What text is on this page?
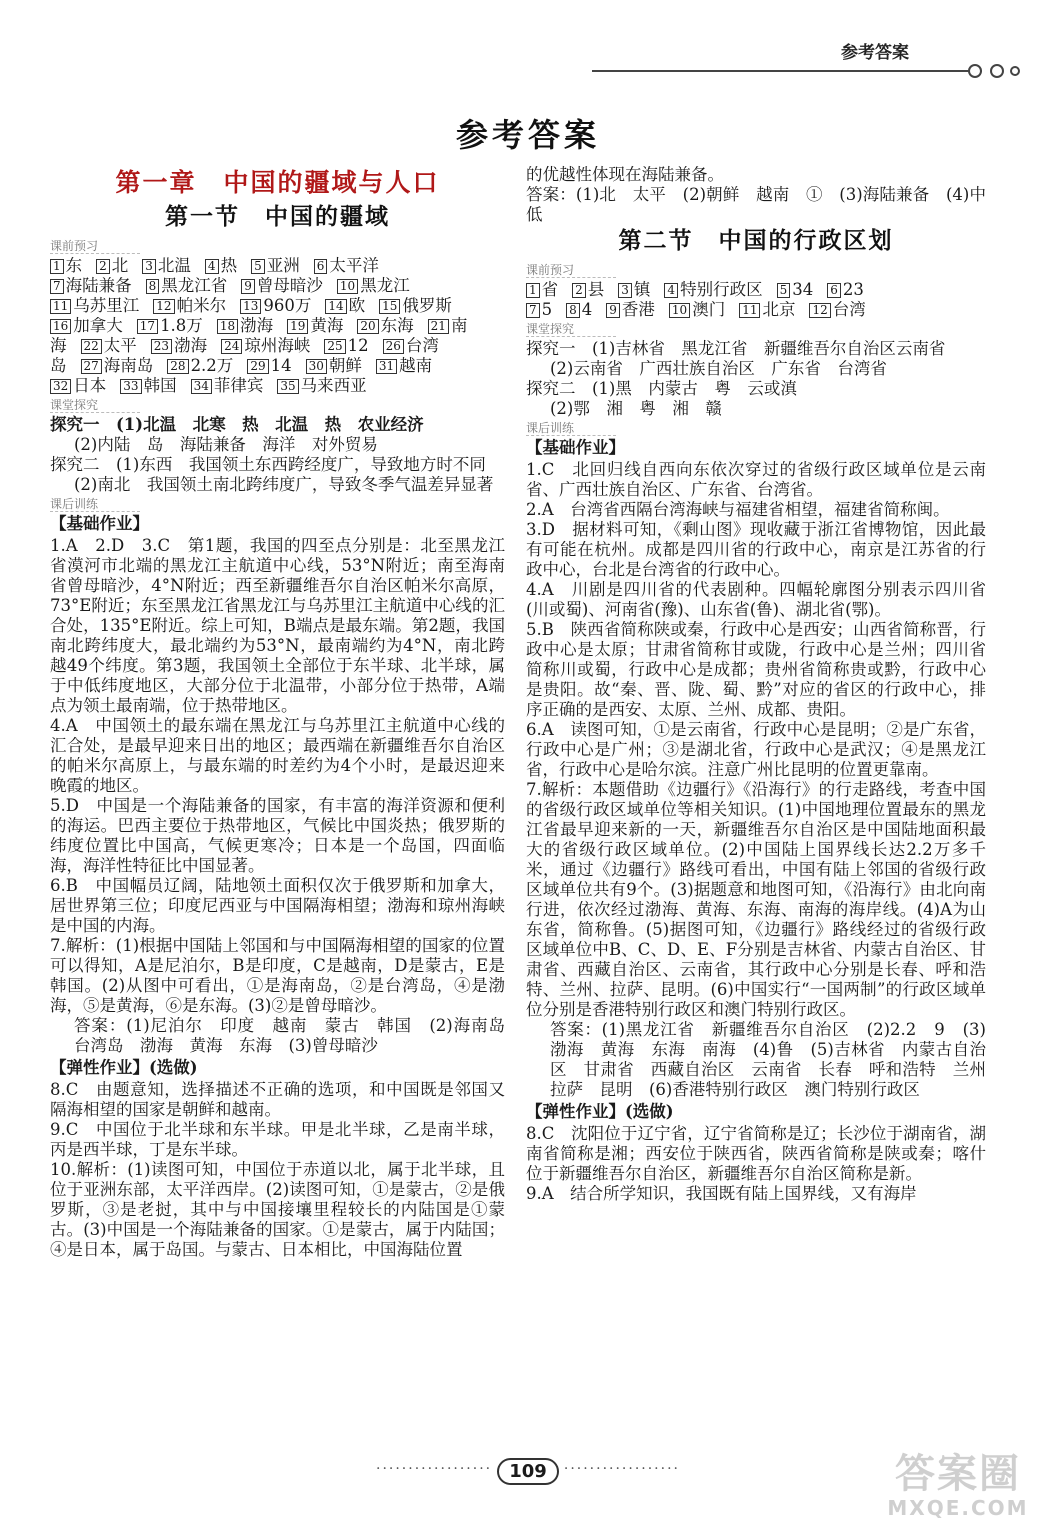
参考答案
参考答案
第一章　中国的疆域与人口
第一节　中国的疆域
课前预习
1 东 2 北 3 北温 4 热 5 亚洲 6 太平洋
7 海陆兼备 8 黑龙江省 9 曾母暗沙 10 黑龙江
11 乌苏里江 12 帕米尔 13 960万 14 欧 15 俄罗斯
16 加拿大 17 1.8万 18 渤海 19 黄海 20 东海 21 南
海 22 太平 23 渤海 24 琼州海峡 25 12 26 台湾
岛 27 海南岛 28 2.2万 29 14 30 朝鲜 31 越南
32 日本 33 韩国 34 菲律宾 35 马来西亚
课堂探究

探究一　(1)北温　北寒　热　北温　热　农业经济

(2)内陆　岛　海陆兼备　海洋　对外贸易

探究二　(1)东西　我国领土东西跨经度广，导致地方时不同

(2)南北　我国领土南北跨纬度广，导致冬季气温差异显著

课后训练
【基础作业】

1.A　2.D　3.C　第1题，我国的四至点分别是：北至黑龙江省漠河市北端的黑龙江主航道中心线，53°N附近；南至海南省曾母暗沙，4°N附近；西至新疆维吾尔自治区帕米尔高原，73°E附近；东至黑龙江省黑龙江与乌苏里江主航道中心线的汇合处，135°E附近。综上可知，B端点是最东端。第2题，我国南北跨纬度大，最北端约为53°N，最南端约为4°N，南北跨越49个纬度。第3题，我国领土全部位于东半球、北半球，属于中低纬度地区，大部分位于北温带，小部分位于热带，A端点为领土最南端，位于热带地区。

4.A　中国领土的最东端在黑龙江与乌苏里江主航道中心线的汇合处，是最早迎来日出的地区；最西端在新疆维吾尔自治区的帕米尔高原上，与最东端的时差约为4个小时，是最迟迎来晚霞的地区。

5.D　中国是一个海陆兼备的国家，有丰富的海洋资源和便利的海运。巴西主要位于热带地区，气候比中国炎热；俄罗斯的纬度位置比中国高，气候更寒冷；日本是一个岛国，四面临海，海洋性特征比中国显著。

6.B　中国幅员辽阔，陆地领土面积仅次于俄罗斯和加拿大，居世界第三位；印度尼西亚与中国隔海相望；渤海和琼州海峡是中国的内海。

7.解析：(1)根据中国陆上邻国和与中国隔海相望的国家的位置可以得知，A是尼泊尔，B是印度，C是越南，D是蒙古，E是韩国。(2)从图中可看出，①是海南岛，②是台湾岛，④是渤海，⑤是黄海，⑥是东海。(3)②是曾母暗沙。

答案：(1)尼泊尔　印度　越南　蒙古　韩国　(2)海南岛　台湾岛　渤海　黄海　东海　(3)曾母暗沙

【弹性作业】(选做)

8.C　由题意知，选择描述不正确的选项，和中国既是邻国又隔海相望的国家是朝鲜和越南。

9.C　中国位于北半球和东半球。甲是北半球，乙是南半球，丙是西半球，丁是东半球。

10.解析：(1)读图可知，中国位于赤道以北，属于北半球，且位于亚洲东部，太平洋西岸。(2)读图可知，①是蒙古，②是俄罗斯，③是老挝，其中与中国接壤里程较长的内陆国是①蒙古。(3)中国是一个海陆兼备的国家。①是蒙古，属于内陆国；④是日本，属于岛国。与蒙古、日本相比，中国海陆位置

的优越性体现在海陆兼备。

答案：(1)北　太平　(2)朝鲜　越南　①　(3)海陆兼备　(4)中　低

第二节　中国的行政区划
课前预习
1 省 2 县 3 镇 4 特别行政区 5 34 6 23
7 5 8 4 9 香港 10 澳门 11 北京 12 台湾
课堂探究

探究一　(1)吉林省　黑龙江省　新疆维吾尔自治区云南省

(2)云南省　广西壮族自治区　广东省　台湾省

探究二　(1)黑　内蒙古　粤　云或滇

(2)鄂　湘　粤　湘　赣

课后训练
【基础作业】

1.C　北回归线自西向东依次穿过的省级行政区域单位是云南省、广西壮族自治区、广东省、台湾省。

2.A　台湾省西隔台湾海峡与福建省相望，福建省简称闽。

3.D　据材料可知，《剩山图》现收藏于浙江省博物馆，因此最有可能在杭州。成都是四川省的行政中心，南京是江苏省的行政中心，台北是台湾省的行政中心。

4.A　川剧是四川省的代表剧种。四幅轮廓图分别表示四川省(川或蜀)、河南省(豫)、山东省(鲁)、湖北省(鄂)。

5.B　陕西省简称陕或秦，行政中心是西安；山西省简称晋，行政中心是太原；甘肃省简称甘或陇，行政中心是兰州；四川省简称川或蜀，行政中心是成都；贵州省简称贵或黔，行政中心是贵阳。故“秦、晋、陇、蜀、黔”对应的省区的行政中心，排序正确的是西安、太原、兰州、成都、贵阳。

6.A　读图可知，①是云南省，行政中心是昆明；②是广东省，行政中心是广州；③是湖北省，行政中心是武汉；④是黑龙江省，行政中心是哈尔滨。注意广州比昆明的位置更靠南。

7.解析：本题借助《边疆行》《沿海行》的行走路线，考查中国的省级行政区域单位等相关知识。(1)中国地理位置最东的黑龙江省最早迎来新的一天，新疆维吾尔自治区是中国陆地面积最大的省级行政区域单位。(2)中国陆上国界线长达2.2万多千米，通过《边疆行》路线可看出，中国有陆上邻国的省级行政区域单位共有9个。(3)据题意和地图可知，《沿海行》由北向南行进，依次经过渤海、黄海、东海、南海的海岸线。(4)A为山东省，简称鲁。(5)据图可知，《边疆行》路线经过的省级行政区域单位中B、C、D、E、F分别是吉林省、内蒙古自治区、甘肃省、西藏自治区、云南省，其行政中心分别是长春、呼和浩特、兰州、拉萨、昆明。(6)中国实行“一国两制”的行政区域单位分别是香港特别行政区和澳门特别行政区。

答案：(1)黑龙江省　新疆维吾尔自治区　(2)2.2　9　(3)渤海　黄海　东海　南海　(4)鲁　(5)吉林省　内蒙古自治区　甘肃省　西藏自治区　云南省　长春　呼和浩特　兰州　拉萨　昆明　(6)香港特别行政区　澳门特别行政区

【弹性作业】(选做)

8.C　沈阳位于辽宁省，辽宁省简称是辽；长沙位于湖南省，湖南省简称是湘；西安位于陕西省，陕西省简称是陕或秦；喀什位于新疆维吾尔自治区，新疆维吾尔自治区简称是新。

9.A　结合所学知识，我国既有陆上国界线，又有海岸

·················· 109 ··················	答案圈
MXQE.COM
